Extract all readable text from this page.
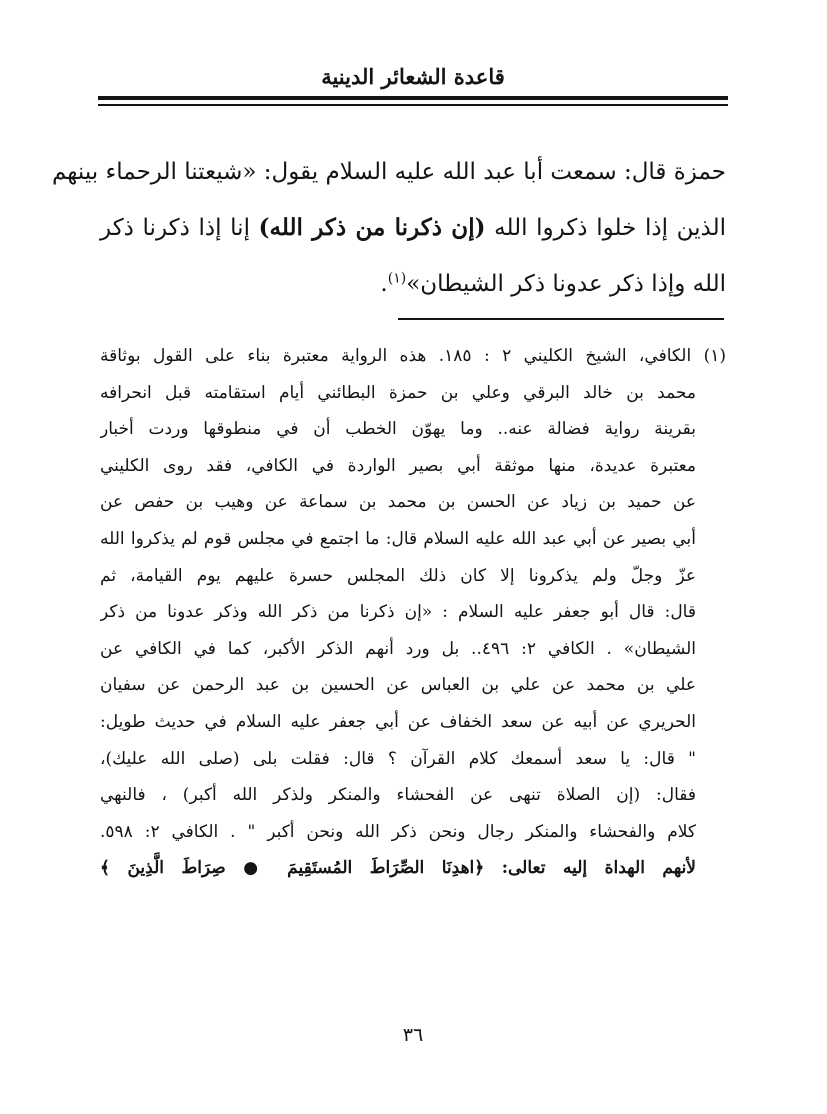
قاعدة الشعائر الدينية
حمزة قال: سمعت أبا عبد الله عليه السلام يقول: «شيعتنا الرحماء بينهم
الذين إذا خلوا ذكروا الله (إن ذكرنا من ذكر الله) إنا إذا ذكرنا ذكر
الله وإذا ذكر عدونا ذكر الشيطان»$^{(١)}$.
(١) الكافي، الشيخ الكليني ٢ : ١٨٥. هذه الرواية معتبرة بناء على القول بوثاقة
محمد بن خالد البرقي وعلي بن حمزة البطائني أيام استقامته قبل انحرافه
بقرينة رواية فضالة عنه.. وما يهوّن الخطب أن في منطوقها وردت أخبار
معتبرة عديدة، منها موثقة أبي بصير الواردة في الكافي، فقد روى الكليني
عن حميد بن زياد عن الحسن بن محمد بن سماعة عن وهيب بن حفص عن
أبي بصير عن أبي عبد الله عليه السلام قال: ما اجتمع في مجلس قوم لم يذكروا الله
عزّ وجلّ ولم يذكرونا إلا كان ذلك المجلس حسرة عليهم يوم القيامة، ثم
قال: قال أبو جعفر عليه السلام : «إن ذكرنا من ذكر الله وذكر عدونا من ذكر
الشيطان» . الكافي ٢: ٤٩٦.. بل ورد أنهم الذكر الأكبر، كما في الكافي عن
علي بن محمد عن علي بن العباس عن الحسين بن عبد الرحمن عن سفيان
الحريري عن أبيه عن سعد الخفاف عن أبي جعفر عليه السلام في حديث طويل:
" قال: يا سعد أسمعك كلام القرآن ؟ قال: فقلت بلى (صلى الله عليك)،
فقال: (إن الصلاة تنهى عن الفحشاء والمنكر ولذكر الله أكبر) ، فالنهي
كلام والفحشاء والمنكر رجال ونحن ذكر الله ونحن أكبر " . الكافي ٢: ٥٩٨.
لأنهم الهداة إليه تعالى: ﴿اهدِنَا الصِّرَاطَ المُستَقِيمَ ● صِرَاطَ الَّذِينَ ﴾
٣٦
